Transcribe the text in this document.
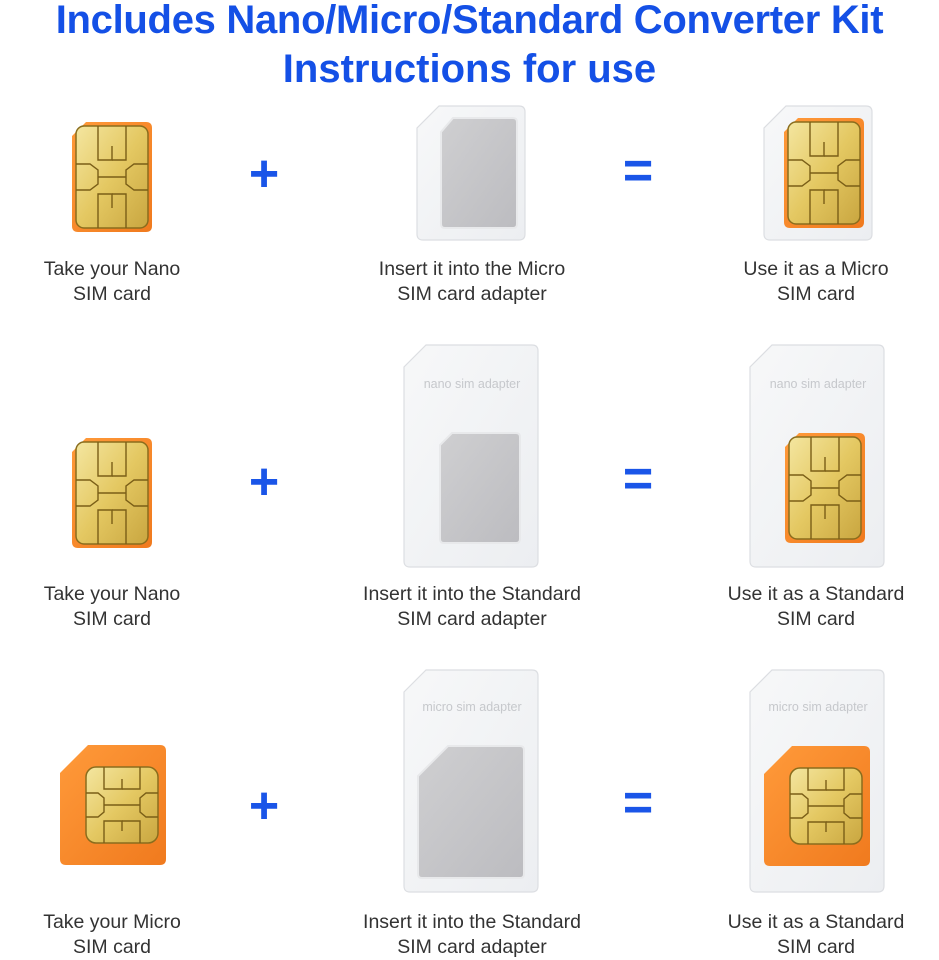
Includes Nano/Micro/Standard Converter Kit
Instructions for use
+	=
Take your Nano
SIM card
Insert it into the Micro
SIM card adapter
Use it as a Micro
SIM card
+
nano sim adapter
=
nano sim adapter
Take your Nano
SIM card
Insert it into the Standard
SIM card adapter
Use it as a Standard
SIM card
+
micro sim adapter
=
micro sim adapter
Take your Micro
SIM card
Insert it into the Standard
SIM card adapter
Use it as a Standard
SIM card
